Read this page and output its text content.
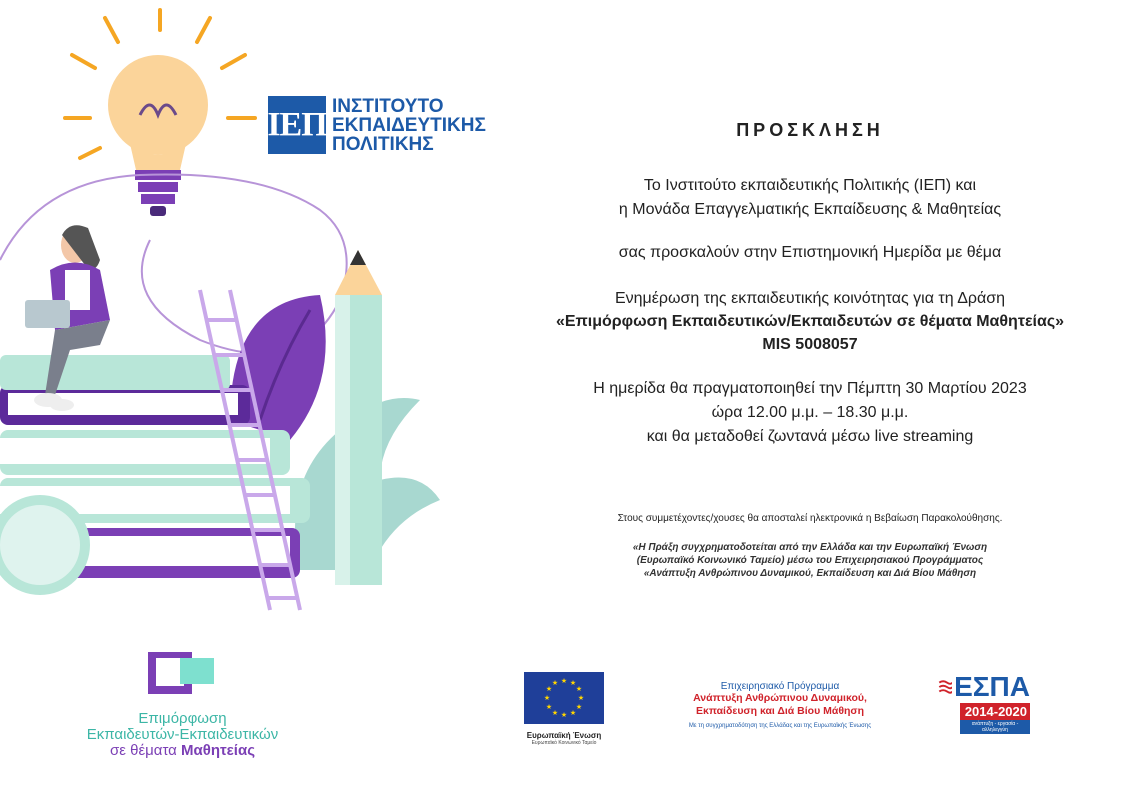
ΙΕΠ ΙΝΣΤΙΤΟΥΤΟ
ΕΚΠΑΙΔΕΥΤΙΚΗΣ
ΠΟΛΙΤΙΚΗΣ
ΠΡΟΣΚΛΗΣΗ
Το Ινστιτούτο εκπαιδευτικής Πολιτικής (ΙΕΠ) και
η Μονάδα Επαγγελματικής Εκπαίδευσης & Μαθητείας
σας προσκαλούν στην Επιστημονική Ημερίδα με θέμα
Ενημέρωση της εκπαιδευτικής κοινότητας για τη Δράση
«Επιμόρφωση Εκπαιδευτικών/Εκπαιδευτών σε θέματα Μαθητείας»
MIS 5008057
Η ημερίδα θα πραγματοποιηθεί την Πέμπτη 30 Μαρτίου 2023
ώρα 12.00 μ.μ. – 18.30 μ.μ.
και θα μεταδοθεί ζωντανά μέσω live streaming
Στους συμμετέχοντες/χουσες θα αποσταλεί ηλεκτρονικά η Βεβαίωση Παρακολούθησης.
«Η Πράξη συγχρηματοδοτείται από την Ελλάδα και την Ευρωπαϊκή Ένωση
(Ευρωπαϊκό Κοινωνικό Ταμείο) μέσω του Επιχειρησιακού Προγράμματος
«Ανάπτυξη Ανθρώπινου Δυναμικού, Εκπαίδευση και Διά Βίου Μάθηση
Επιμόρφωση
Εκπαιδευτών-Εκπαιδευτικών
σε θέματα Μαθητείας
★ ★
★
★
★
★
★
★
★
★
★
★
Ευρωπαϊκή Ένωση
Ευρωπαϊκό Κοινωνικό Ταμείο
Επιχειρησιακό Πρόγραμμα
Ανάπτυξη Ανθρώπινου Δυναμικού,
Εκπαίδευση και Διά Βίου Μάθηση
Με τη συγχρηματοδότηση της Ελλάδας και της Ευρωπαϊκής Ένωσης
ΕΣΠΑ
2014-2020
ανάπτυξη - εργασία - αλληλεγγύη
